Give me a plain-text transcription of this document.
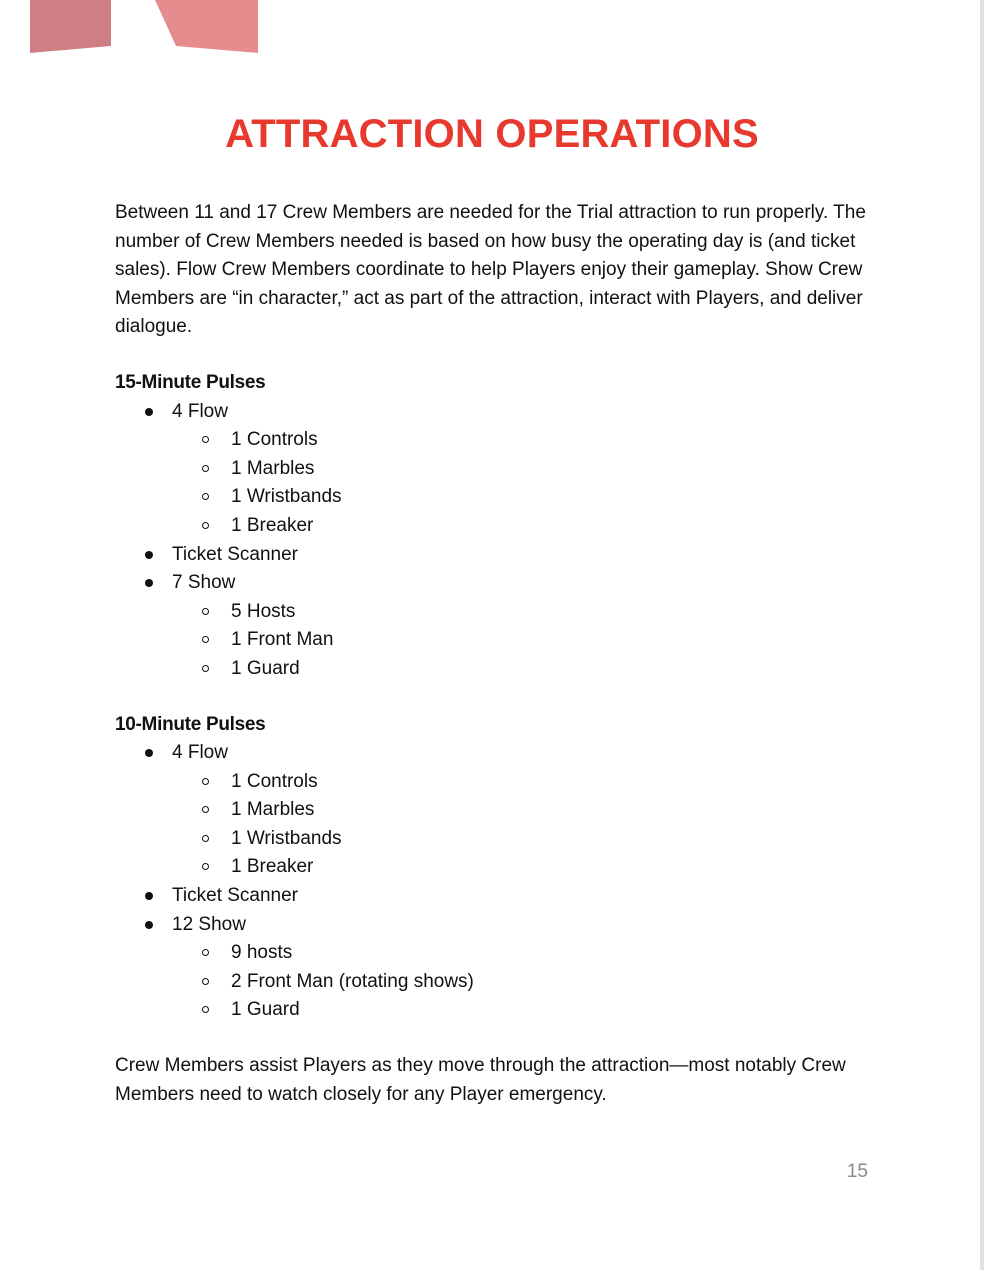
ATTRACTION OPERATIONS

Between 11 and 17 Crew Members are needed for the Trial attraction to run properly. The number of Crew Members needed is based on how busy the operating day is (and ticket sales). Flow Crew Members coordinate to help Players enjoy their gameplay. Show Crew Members are “in character,” act as part of the attraction, interact with Players, and deliver dialogue.

15-Minute Pulses
4 Flow
1 Controls
1 Marbles
1 Wristbands
1 Breaker
Ticket Scanner
7 Show
5 Hosts
1 Front Man
1 Guard
10-Minute Pulses
4 Flow
1 Controls
1 Marbles
1 Wristbands
1 Breaker
Ticket Scanner
12 Show
9 hosts
2 Front Man (rotating shows)
1 Guard

Crew Members assist Players as they move through the attraction—most notably Crew Members need to watch closely for any Player emergency.

15
